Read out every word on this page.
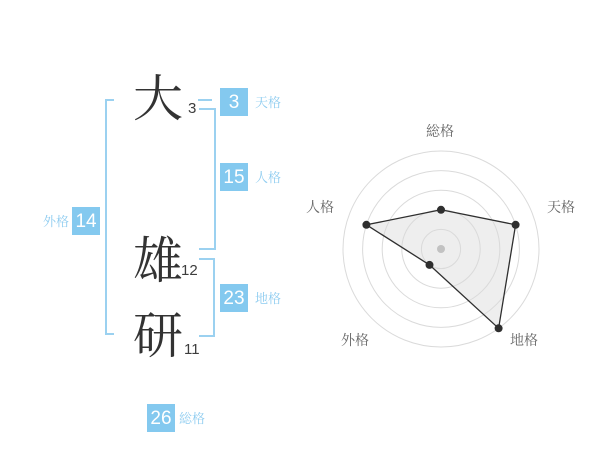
大 3
雄
12
研 11
3	天格
15 人格
23 地格
外格 14
26 総格
総格
天格
地格
外格
人格
